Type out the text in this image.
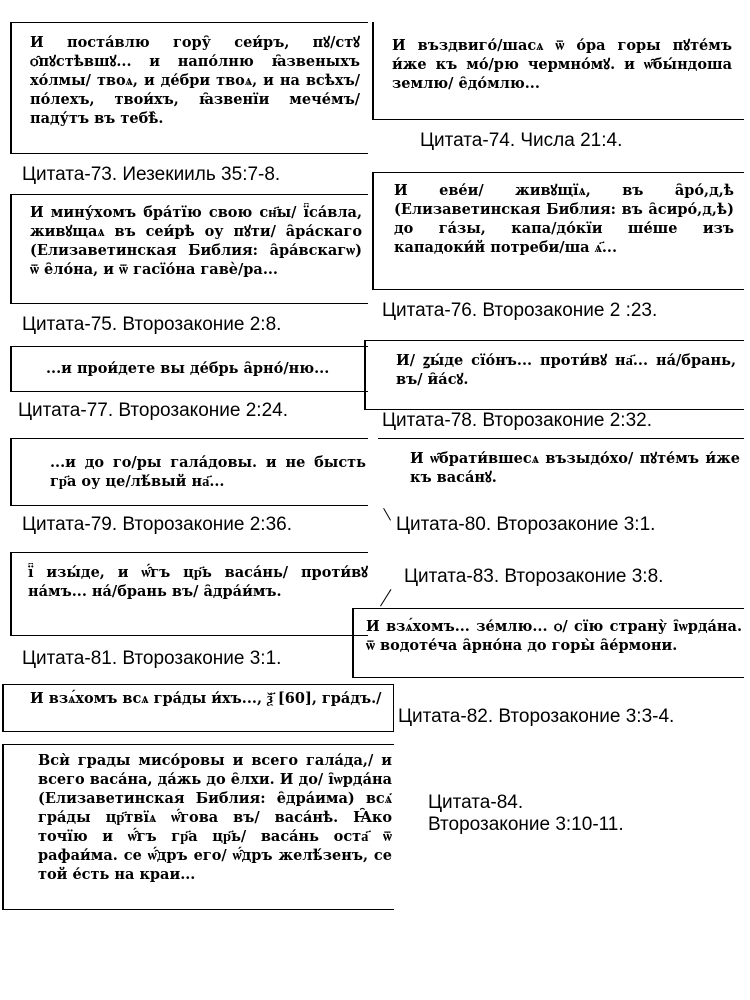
И͏ поста́влю гору̑ сеи́ръ, пꙋ/стꙋ ѻ̑пꙋстѣвшꙋ... и͏ напо́лню ꙗ̑звеныхъ хо́лмы/ твоѧ, и͏ де́бри твоѧ, и͏ на͏ всѣхъ/ по́лехъ, твои́хъ, ꙗ̑звенїи мече́мъ/ паду́тъ въ͏ тебѣ̀.
Цитата-73. Иезекииль 35:7-8.
И͏ въздвиго́/шасѧ ѿ͏ о́ра горы пꙋте́мъ и́же къ͏ мо́/рю чермно́мꙋ. и͏ ѡ̑бы́ндоша землю/ е̑до́млю...
Цитата-74. Числа 21:4.
И͏ мину́хомъ бра́тїю свою сн҃ы/ ї̑са́вла, живꙋщаѧ въ͏ сеи́рѣ оу͏ пꙋти/ а̑ра́скаго (Елизаветинская Библия: а̑ра́вскагѡ) ѿ͏ е̑ло́на, и͏ ѿ͏ гасїо́на гавѐ/ра...
Цитата-75. Второзаконие 2:8.
И͏ еве́и/ живꙋщїѧ, въ͏ а̑ро́,д,ѣ (Елизаветинская Библия: въ а̑сиро́,д,ѣ) до͏ га́зы, капа/до́кїи ше́ше и͏зъ͏ кападоки́й потреби/ша͏ ѧ҃...
Цитата-76. Второзаконие 2 :23.
...и͏ прои́дете вы де́брь а̑рно́/ню...
Цитата-77. Второзаконие 2:24.
И/ ꙁы́де сїо́нъ... проти́вꙋ на҃... на́/брань, въ/ и̑а́сꙋ.
Цитата-78. Второзаконие 2:32.
...и͏ до͏ го/ры гала́довы. и͏ не͏ бысть гр҃а оу͏ це/лѣ́вый на҃...
Цитата-79. Второзаконие 2:36.
И ѡ̑брати́вшесѧ възыдо́хо/ пꙋте́мъ и́же къ͏ васа́нꙋ.
Цитата-80. Второзаконие 3:1.
ї̑ и͏зы́де, и͏ ѡ̑́гъ цр҃ь васа́нь/ проти́вꙋ на́мъ... на́/брань въ/ а̑дра́и́мъ.
Цитата-81. Второзаконие 3:1.
Цитата-83. Второзаконие 3:8.
И͏ взѧ́хомъ... зе́млю... ѻ/ сїю страну̀ і̑ѡрда́на. ѿ͏ водоте́ча а̑рно́на до͏ горы̀ а̑е́рмони.
И͏ взѧ́хомъ всѧ гра́ды͏ и́хъ..., ѯ҃ [60], гра́дъ./
Цитата-82. Второзаконие 3:3-4.
Всѝ грады мисо́ровы и͏ всего гала́да,/ и͏ всего васа́на, да́жь до͏ е̑лхи. И͏ до/ і̑ѡрда́на (Елизаветинская Библия: е̑дра́има) всѧ҃ гра́ды цр҃твїѧ ѡ̑́гова въ/ васа́нѣ. Ꙗ̑ко точїю и͏ ѡ̑́гъ гр҃а цр҃ь/ васа́нь оста҃ ѿ͏ рафаи́ма. се ѡ̑́дръ его/ ѡ̑́дръ желѣ́зенъ, се͏ той е́сть на͏ краи...
Цитата-84.
Второзаконие 3:10-11.
